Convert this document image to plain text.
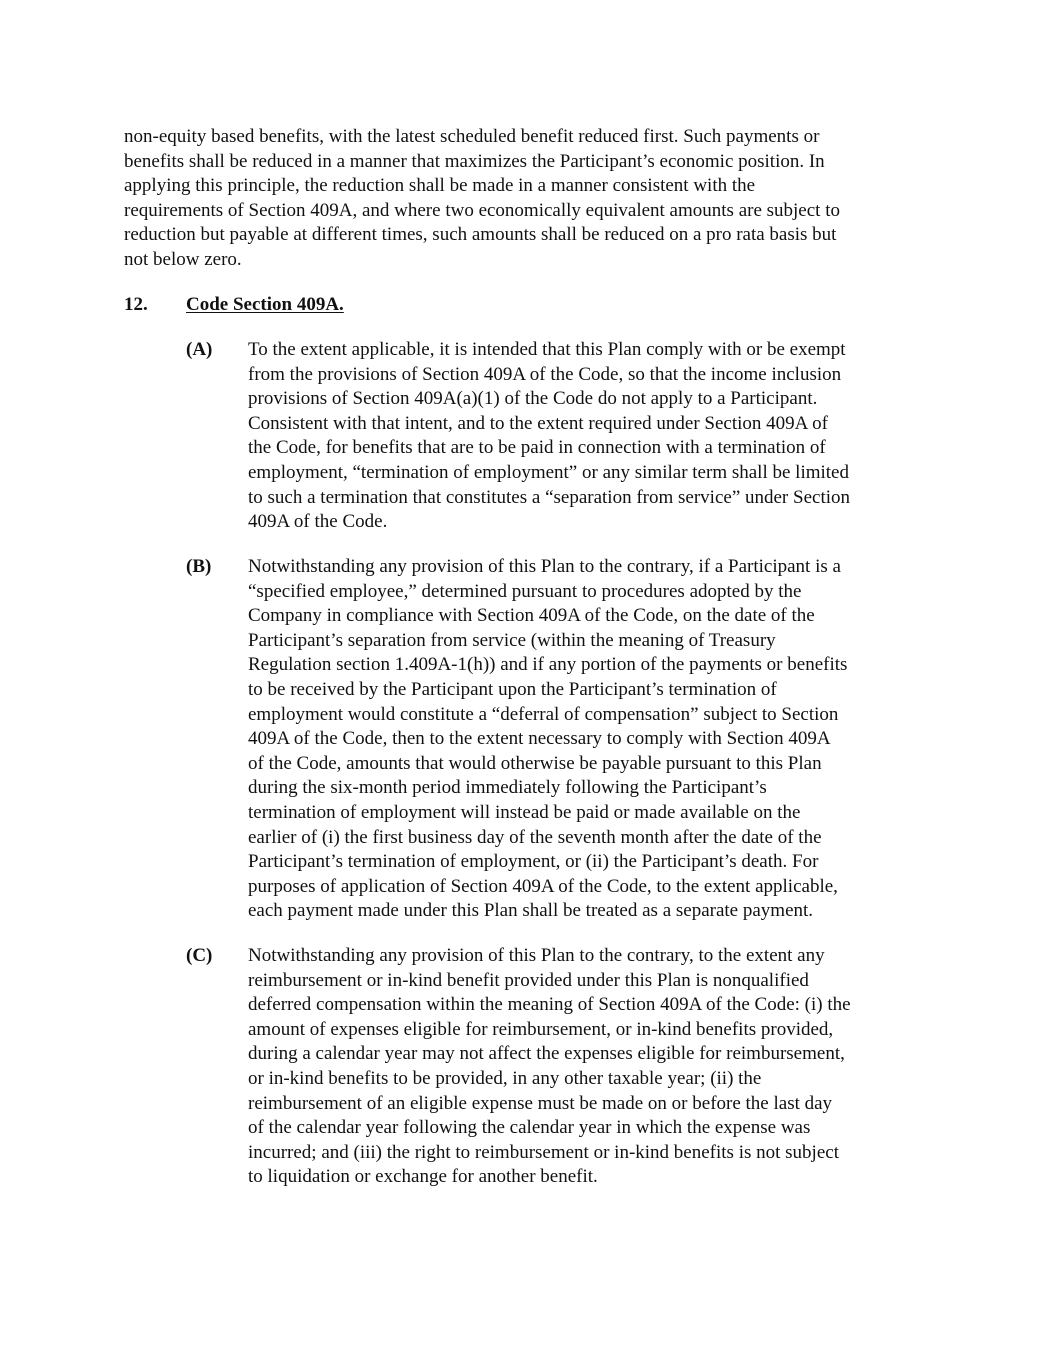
non-equity based benefits, with the latest scheduled benefit reduced first. Such payments or
benefits shall be reduced in a manner that maximizes the Participant’s economic position. In
applying this principle, the reduction shall be made in a manner consistent with the
requirements of Section 409A, and where two economically equivalent amounts are subject to
reduction but payable at different times, such amounts shall be reduced on a pro rata basis but
not below zero.

12. Code Section 409A.
(A) To the extent applicable, it is intended that this Plan comply with or be exempt
from the provisions of Section 409A of the Code, so that the income inclusion
provisions of Section 409A(a)(1) of the Code do not apply to a Participant.
Consistent with that intent, and to the extent required under Section 409A of
the Code, for benefits that are to be paid in connection with a termination of
employment, “termination of employment” or any similar term shall be limited
to such a termination that constitutes a “separation from service” under Section
409A of the Code.

(B) Notwithstanding any provision of this Plan to the contrary, if a Participant is a
“specified employee,” determined pursuant to procedures adopted by the
Company in compliance with Section 409A of the Code, on the date of the
Participant’s separation from service (within the meaning of Treasury
Regulation section 1.409A-1(h)) and if any portion of the payments or benefits
to be received by the Participant upon the Participant’s termination of
employment would constitute a “deferral of compensation” subject to Section
409A of the Code, then to the extent necessary to comply with Section 409A
of the Code, amounts that would otherwise be payable pursuant to this Plan
during the six-month period immediately following the Participant’s
termination of employment will instead be paid or made available on the
earlier of (i) the first business day of the seventh month after the date of the
Participant’s termination of employment, or (ii) the Participant’s death. For
purposes of application of Section 409A of the Code, to the extent applicable,
each payment made under this Plan shall be treated as a separate payment.

(C) Notwithstanding any provision of this Plan to the contrary, to the extent any
reimbursement or in-kind benefit provided under this Plan is nonqualified
deferred compensation within the meaning of Section 409A of the Code: (i) the
amount of expenses eligible for reimbursement, or in-kind benefits provided,
during a calendar year may not affect the expenses eligible for reimbursement,
or in-kind benefits to be provided, in any other taxable year; (ii) the
reimbursement of an eligible expense must be made on or before the last day
of the calendar year following the calendar year in which the expense was
incurred; and (iii) the right to reimbursement or in-kind benefits is not subject
to liquidation or exchange for another benefit.
